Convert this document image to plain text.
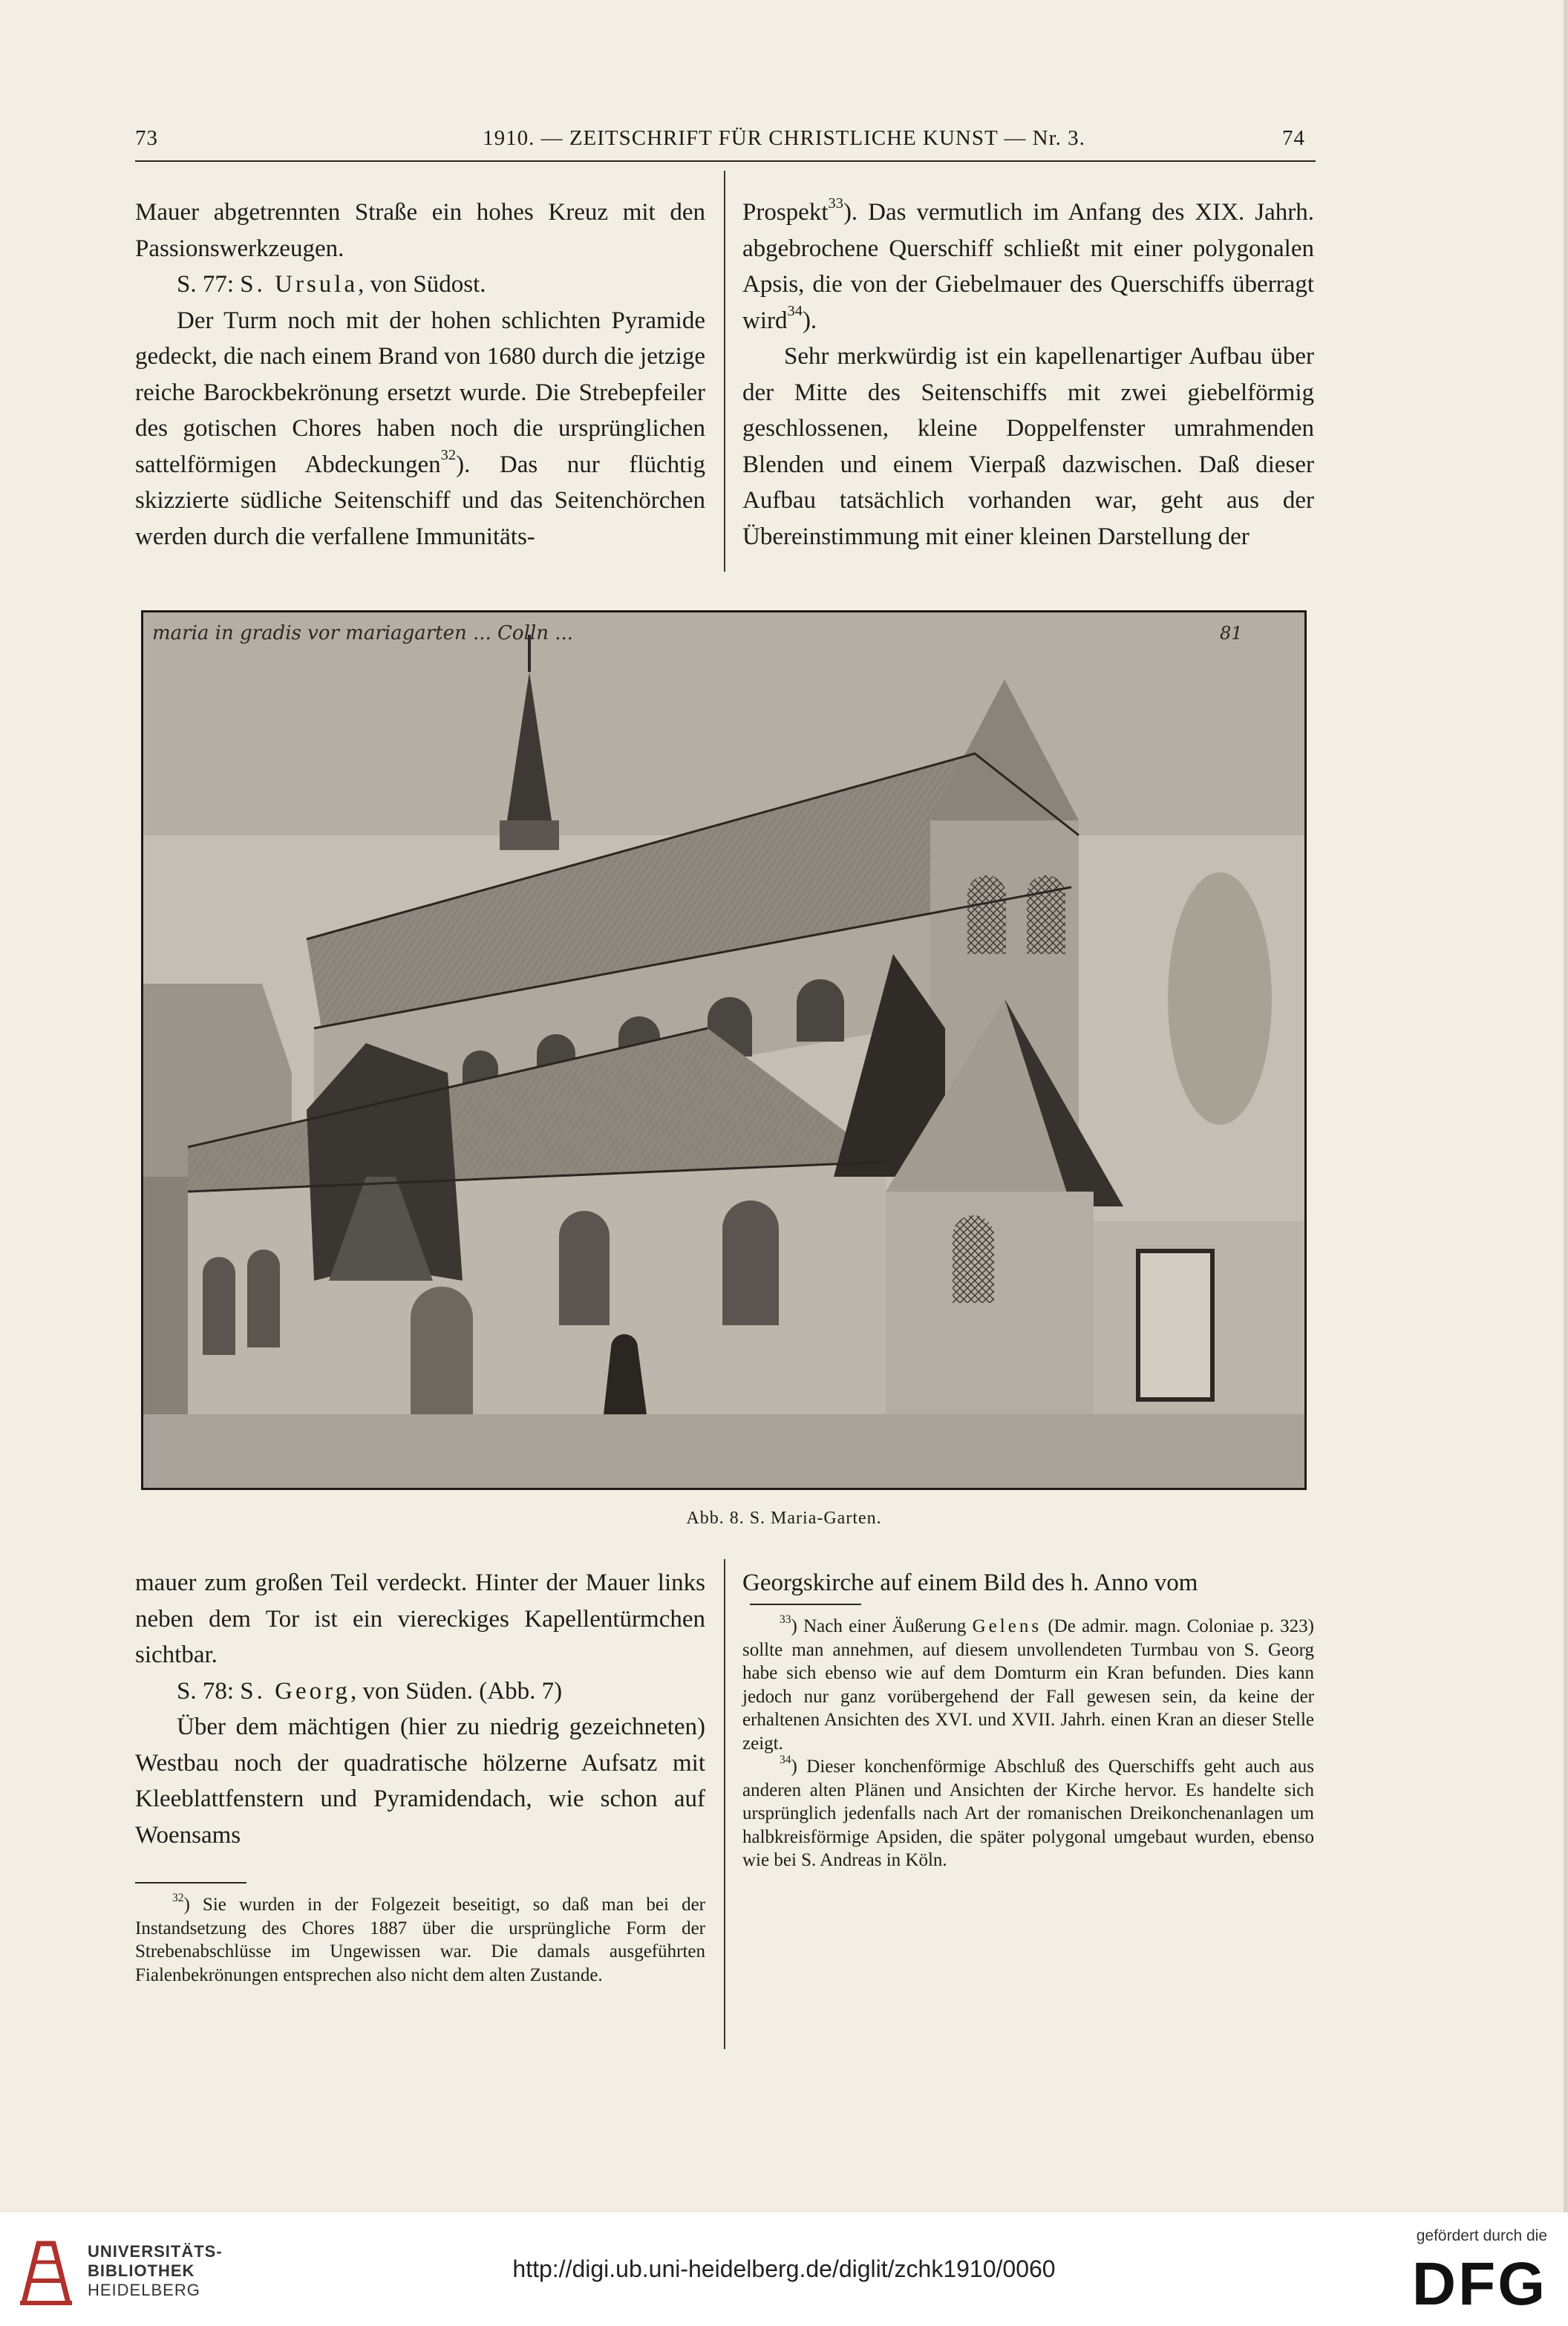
73	1910. — ZEITSCHRIFT FÜR CHRISTLICHE KUNST — Nr. 3.	74

Mauer abgetrennten Straße ein hohes Kreuz mit den Passionswerkzeugen.

S. 77: S. Ursula, von Südost.

Der Turm noch mit der hohen schlichten Pyramide gedeckt, die nach einem Brand von 1680 durch die jetzige reiche Barockbekrönung ersetzt wurde. Die Strebepfeiler des gotischen Chores haben noch die ursprünglichen sattelförmigen Abdeckungen$^{32}$). Das nur flüchtig skizzierte südliche Seitenschiff und das Seitenchörchen werden durch die verfallene Immunitäts-

Prospekt$^{33}$). Das vermutlich im Anfang des XIX. Jahrh. abgebrochene Querschiff schließt mit einer polygonalen Apsis, die von der Giebelmauer des Querschiffs überragt wird$^{34}$).

Sehr merkwürdig ist ein kapellenartiger Aufbau über der Mitte des Seitenschiffs mit zwei giebelförmig geschlossenen, kleine Doppelfenster umrahmenden Blenden und einem Vierpaß dazwischen. Daß dieser Aufbau tatsächlich vorhanden war, geht aus der Übereinstimmung mit einer kleinen Darstellung der

maria in gradis vor mariagarten ... Colln ...	81
Abb. 8. S. Maria-Garten.

mauer zum großen Teil verdeckt. Hinter der Mauer links neben dem Tor ist ein viereckiges Kapellentürmchen sichtbar.

S. 78: S. Georg, von Süden. (Abb. 7)

Über dem mächtigen (hier zu niedrig gezeichneten) Westbau noch der quadratische hölzerne Aufsatz mit Kleeblattfenstern und Pyramidendach, wie schon auf Woensams

Georgskirche auf einem Bild des h. Anno vom

$^{33}$) Nach einer Äußerung Gelens (De admir. magn. Coloniae p. 323) sollte man annehmen, auf diesem unvollendeten Turmbau von S. Georg habe sich ebenso wie auf dem Domturm ein Kran befunden. Dies kann jedoch nur ganz vorübergehend der Fall gewesen sein, da keine der erhaltenen Ansichten des XVI. und XVII. Jahrh. einen Kran an dieser Stelle zeigt.

$^{34}$) Dieser konchenförmige Abschluß des Querschiffs geht auch aus anderen alten Plänen und Ansichten der Kirche hervor. Es handelte sich ursprünglich jedenfalls nach Art der romanischen Dreikonchenanlagen um halbkreisförmige Apsiden, die später polygonal umgebaut wurden, ebenso wie bei S. Andreas in Köln.

$^{32}$) Sie wurden in der Folgezeit beseitigt, so daß man bei der Instandsetzung des Chores 1887 über die ursprüngliche Form der Strebenabschlüsse im Ungewissen war. Die damals ausgeführten Fialenbekrönungen entsprechen also nicht dem alten Zustande.

UNIVERSITÄTS-
BIBLIOTHEK
HEIDELBERG
http://digi.ub.uni-heidelberg.de/diglit/zchk1910/0060
gefördert durch die
DFG
